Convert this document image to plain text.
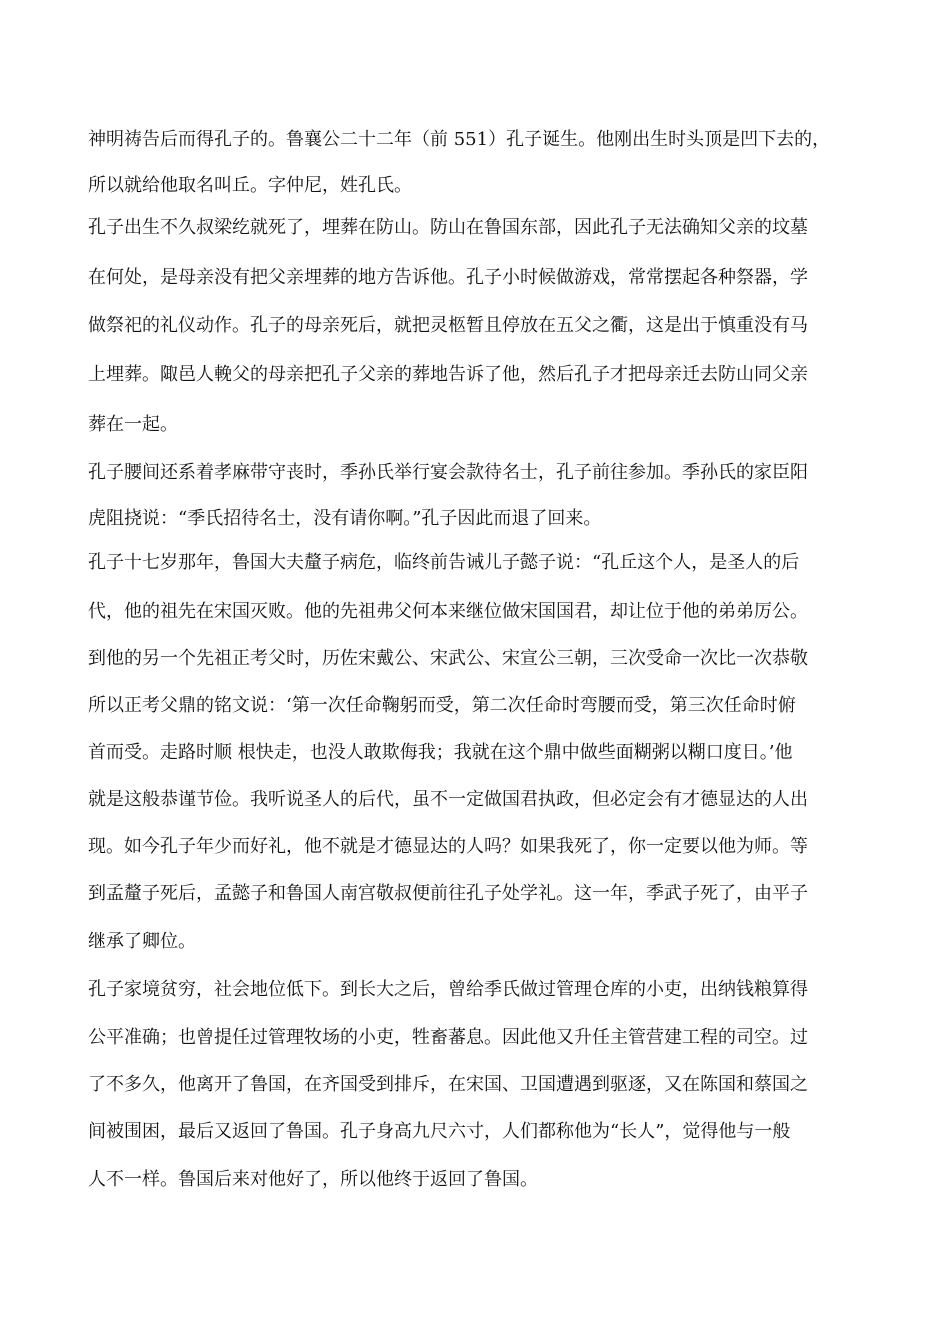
神明祷告后而得孔子的。鲁襄公二十二年（前 551）孔子诞生。他刚出生时头顶是凹下去的，
所以就给他取名叫丘。字仲尼，姓孔氏。
孔子出生不久叔梁纥就死了，埋葬在防山。防山在鲁国东部，因此孔子无法确知父亲的坟墓
在何处，是母亲没有把父亲埋葬的地方告诉他。孔子小时候做游戏，常常摆起各种祭器，学
做祭祀的礼仪动作。孔子的母亲死后，就把灵柩暂且停放在五父之衢，这是出于慎重没有马
上埋葬。陬邑人輓父的母亲把孔子父亲的葬地告诉了他，然后孔子才把母亲迁去防山同父亲
葬在一起。
孔子腰间还系着孝麻带守丧时，季孙氏举行宴会款待名士，孔子前往参加。季孙氏的家臣阳
虎阻挠说：“季氏招待名士，没有请你啊。”孔子因此而退了回来。
孔子十七岁那年，鲁国大夫釐子病危，临终前告诫儿子懿子说：“孔丘这个人，是圣人的后
代，他的祖先在宋国灭败。他的先祖弗父何本来继位做宋国国君，却让位于他的弟弟厉公。
到他的另一个先祖正考父时，历佐宋戴公、宋武公、宋宣公三朝，三次受命一次比一次恭敬
所以正考父鼎的铭文说：‘第一次任命鞠躬而受，第二次任命时弯腰而受，第三次任命时俯
首而受。走路时顺 根快走，也没人敢欺侮我；我就在这个鼎中做些面糊粥以糊口度日。’他
就是这般恭谨节俭。我听说圣人的后代，虽不一定做国君执政，但必定会有才德显达的人出
现。如今孔子年少而好礼，他不就是才德显达的人吗？如果我死了，你一定要以他为师。等
到孟釐子死后，孟懿子和鲁国人南宫敬叔便前往孔子处学礼。这一年，季武子死了，由平子
继承了卿位。
孔子家境贫穷，社会地位低下。到长大之后，曾给季氏做过管理仓库的小吏，出纳钱粮算得
公平准确；也曾提任过管理牧场的小吏，牲畜蕃息。因此他又升任主管营建工程的司空。过
了不多久，他离开了鲁国，在齐国受到排斥，在宋国、卫国遭遇到驱逐，又在陈国和蔡国之
间被围困，最后又返回了鲁国。孔子身高九尺六寸，人们都称他为“长人”，觉得他与一般
人不一样。鲁国后来对他好了，所以他终于返回了鲁国。
